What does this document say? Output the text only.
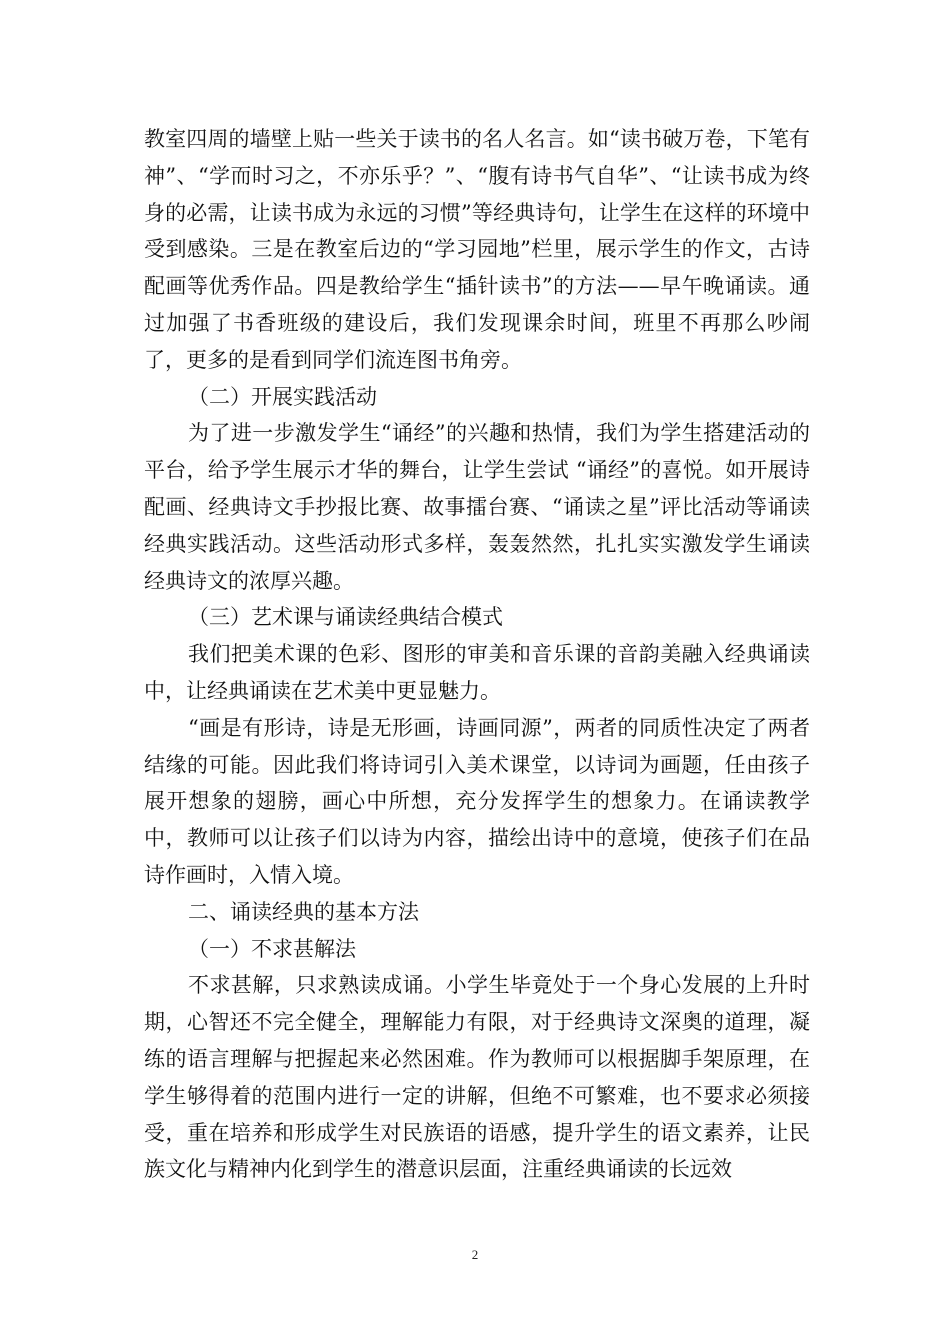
教室四周的墙壁上贴一些关于读书的名人名言。如“读书破万卷，下笔有神”、“学而时习之，不亦乐乎？”、“腹有诗书气自华”、“让读书成为终身的必需，让读书成为永远的习惯”等经典诗句，让学生在这样的环境中受到感染。三是在教室后边的“学习园地”栏里，展示学生的作文，古诗配画等优秀作品。四是教给学生“插针读书”的方法——早午晚诵读。通过加强了书香班级的建设后，我们发现课余时间，班里不再那么吵闹了，更多的是看到同学们流连图书角旁。

（二）开展实践活动

为了进一步激发学生“诵经”的兴趣和热情，我们为学生搭建活动的平台，给予学生展示才华的舞台，让学生尝试 “诵经”的喜悦。如开展诗配画、经典诗文手抄报比赛、故事擂台赛、“诵读之星”评比活动等诵读经典实践活动。这些活动形式多样，轰轰然然，扎扎实实激发学生诵读经典诗文的浓厚兴趣。

（三）艺术课与诵读经典结合模式

我们把美术课的色彩、图形的审美和音乐课的音韵美融入经典诵读中，让经典诵读在艺术美中更显魅力。

“画是有形诗，诗是无形画，诗画同源”，两者的同质性决定了两者结缘的可能。因此我们将诗词引入美术课堂，以诗词为画题，任由孩子展开想象的翅膀，画心中所想，充分发挥学生的想象力。在诵读教学中，教师可以让孩子们以诗为内容，描绘出诗中的意境，使孩子们在品诗作画时，入情入境。

二、诵读经典的基本方法

（一）不求甚解法

不求甚解，只求熟读成诵。小学生毕竟处于一个身心发展的上升时期，心智还不完全健全，理解能力有限，对于经典诗文深奥的道理，凝练的语言理解与把握起来必然困难。作为教师可以根据脚手架原理，在学生够得着的范围内进行一定的讲解，但绝不可繁难，也不要求必须接受，重在培养和形成学生对民族语的语感，提升学生的语文素养，让民族文化与精神内化到学生的潜意识层面，注重经典诵读的长远效

2
